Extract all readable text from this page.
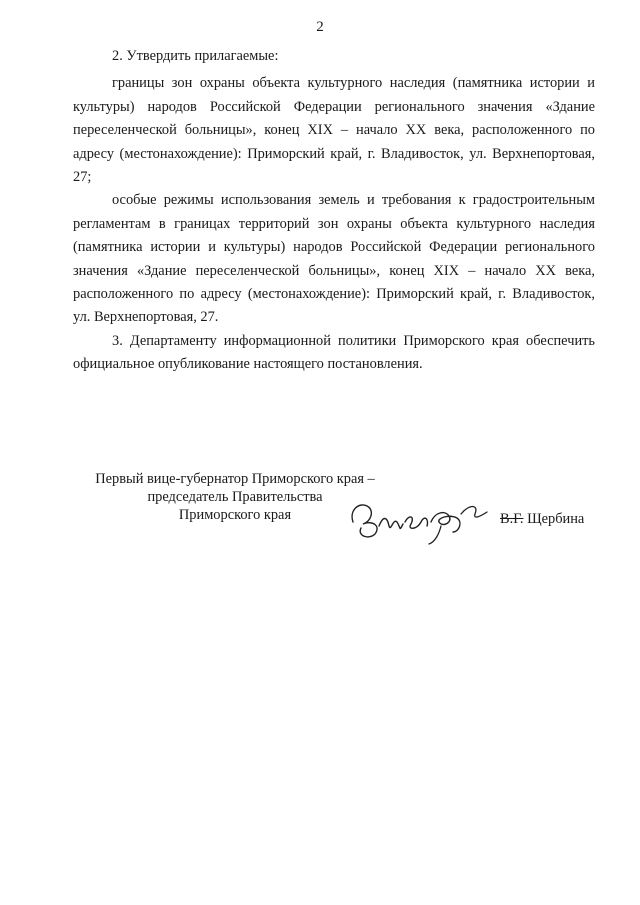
2

2. Утвердить прилагаемые:

границы зон охраны объекта культурного наследия (памятника истории и культуры) народов Российской Федерации регионального значения «Здание переселенческой больницы», конец XIX – начало XX века, расположенного по адресу (местонахождение): Приморский край, г. Владивосток, ул. Верхнепортовая, 27;

особые режимы использования земель и требования к градостроительным регламентам в границах территорий зон охраны объекта культурного наследия (памятника истории и культуры) народов Российской Федерации регионального значения «Здание переселенческой больницы», конец XIX – начало XX века, расположенного по адресу (местонахождение): Приморский край, г. Владивосток, ул. Верхнепортовая, 27.

3. Департаменту информационной политики Приморского края обеспечить официальное опубликование настоящего постановления.

Первый вице-губернатор Приморского края –
председатель Правительства
Приморского края	В.Г. Щербина
